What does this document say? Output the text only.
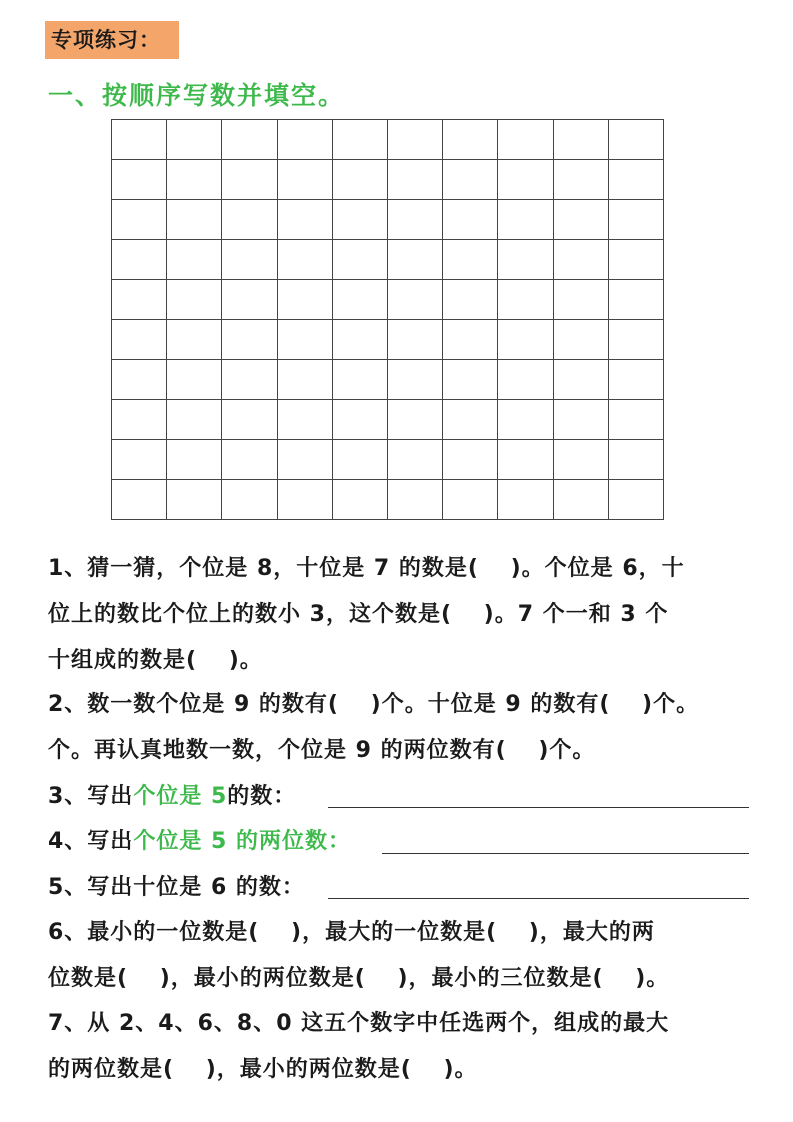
专项练习：
一、按顺序写数并填空。

1、猜一猜，个位是 8，十位是 7 的数是(　 )。个位是 6，十
位上的数比个位上的数小 3，这个数是(　 )。7 个一和 3 个
十组成的数是(　 )。
2、数一数个位是 9 的数有(　 )个。十位是 9 的数有(　 )个。
个。再认真地数一数，个位是 9 的两位数有(　 )个。
3、写出个位是 5的数：
4、写出个位是 5 的两位数：
5、写出十位是 6 的数：
6、最小的一位数是(　 )，最大的一位数是(　 )，最大的两
位数是(　 )，最小的两位数是(　 )，最小的三位数是(　 )。
7、从 2、4、6、8、0 这五个数字中任选两个，组成的最大
的两位数是(　 )，最小的两位数是(　 )。
